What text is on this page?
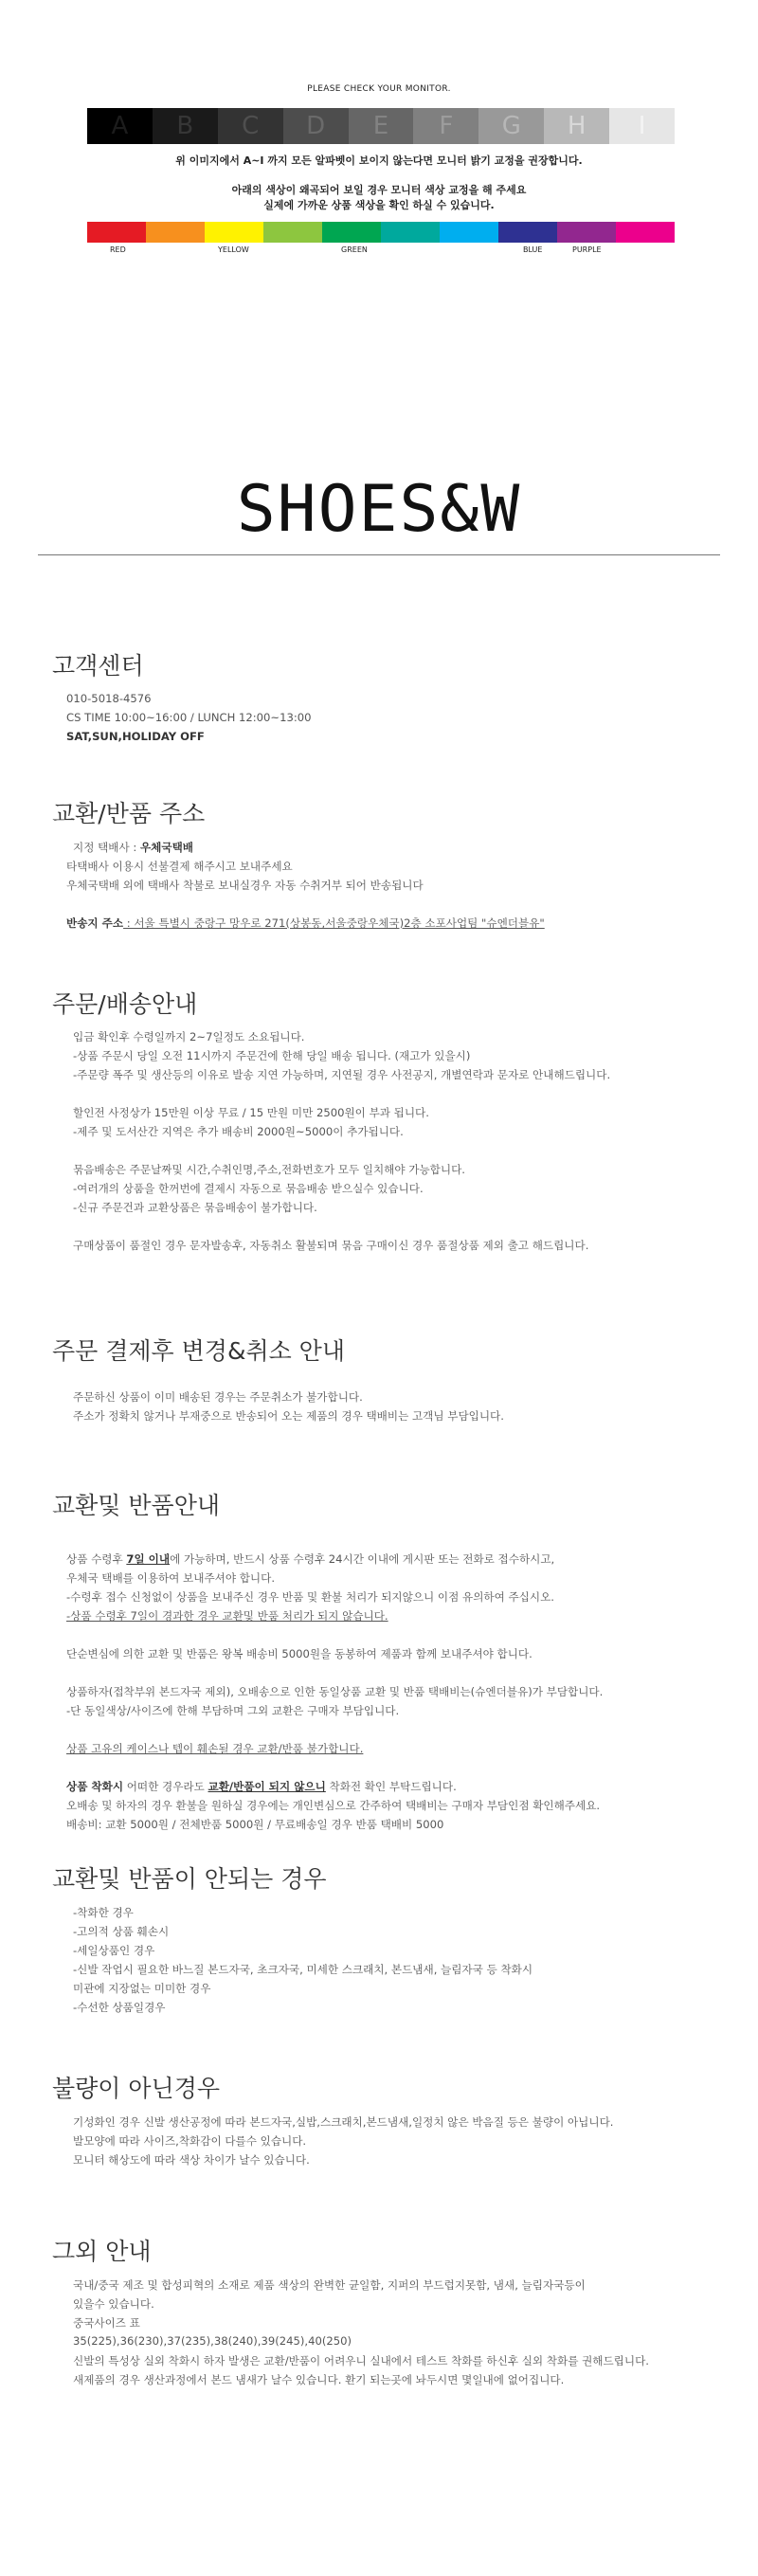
PLEASE CHECK YOUR MONITOR.
A	B	C	D	E	F	G	H	I
위 이미지에서 A~I 까지 모든 알파벳이 보이지 않는다면 모니터 밝기 교정을 권장합니다.
아래의 색상이 왜곡되어 보일 경우 모니터 색상 교정을 해 주세요
실제에 가까운 상품 색상을 확인 하실 수 있습니다.
RED	YELLOW	GREEN	BLUE	PURPLE
SHOES&W
고객센터
010-5018-4576
CS TIME 10:00~16:00 / LUNCH 12:00~13:00
SAT,SUN,HOLIDAY OFF
교환/반품 주소
지정 택배사 : 우체국택배
타택배사 이용시 선불결제 해주시고 보내주세요
우체국택배 외에 택배사 착불로 보내실경우 자동 수취거부 되어 반송됩니다
반송지 주소 : 서울 특별시 중랑구 망우로 271(상봉동,서울중랑우체국)2층 소포사업팀 "슈엔더블유"
주문/배송안내
입금 확인후 수령일까지 2~7일정도 소요됩니다.
-상품 주문시 당일 오전 11시까지 주문건에 한해 당일 배송 됩니다. (재고가 있을시)
-주문량 폭주 및 생산등의 이유로 발송 지연 가능하며, 지연될 경우 사전공지, 개별연락과 문자로 안내해드립니다.
할인전 사정상가 15만원 이상 무료 / 15 만원 미만 2500원이 부과 됩니다.
-제주 및 도서산간 지역은 추가 배송비 2000원~5000이 추가됩니다.
묶음배송은 주문날짜및 시간,수취인명,주소,전화번호가 모두 일치해야 가능합니다.
-여러개의 상품을 한꺼번에 결제시 자동으로 묶음배송 받으실수 있습니다.
-신규 주문건과 교환상품은 묶음배송이 불가합니다.
구매상품이 품절인 경우 문자발송후, 자동취소 활불되며 묶음 구매이신 경우 품절상품 제외 출고 해드립니다.
주문 결제후 변경&취소 안내
주문하신 상품이 이미 배송된 경우는 주문취소가 불가합니다.
주소가 정확치 않거나 부재중으로 반송되어 오는 제품의 경우 택배비는 고객님 부담입니다.
교환및 반품안내
상품 수령후 7일 이내에 가능하며, 반드시 상품 수령후 24시간 이내에 게시판 또는 전화로 접수하시고,
우체국 택배를 이용하여 보내주셔야 합니다.
-수령후 접수 신청없이 상품을 보내주신 경우 반품 및 환불 처리가 되지않으니 이점 유의하여 주십시오.
-상품 수령후 7일이 경과한 경우 교환및 반품 처리가 되지 않습니다.
단순변심에 의한 교환 및 반품은 왕복 배송비 5000원을 동봉하여 제품과 함께 보내주셔야 합니다.
상품하자(접착부위 본드자국 제외), 오배송으로 인한 동일상품 교환 및 반품 택배비는(슈엔더블유)가 부담합니다.
-단 동일색상/사이즈에 한해 부담하며 그외 교환은 구매자 부담입니다.
상품 고유의 케이스나 텝이 훼손될 경우 교환/반품 불가합니다.
상품 착화시 어떠한 경우라도 교환/반품이 되지 않으니 착화전 확인 부탁드립니다.
오배송 및 하자의 경우 환불을 원하실 경우에는 개인변심으로 간주하여 택배비는 구매자 부담인점 확인해주세요.
배송비: 교환 5000원 / 전체반품 5000원 / 무료배송일 경우 반품 택배비 5000
교환및 반품이 안되는 경우
-착화한 경우
-고의적 상품 훼손시
-세일상품인 경우
-신발 작업시 필요한 바느질 본드자국, 초크자국, 미세한 스크래치, 본드냄새, 늘림자국 등 착화시
미관에 지장없는 미미한 경우
-수선한 상품일경우
불량이 아닌경우
기성화인 경우 신발 생산공정에 따라 본드자국,실밥,스크래치,본드냄새,일정치 않은 박음질 등은 불량이 아닙니다.
발모양에 따라 사이즈,착화감이 다를수 있습니다.
모니터 해상도에 따라 색상 차이가 날수 있습니다.
그외 안내
국내/중국 제조 및 합성피혁의 소재로 제품 색상의 완벽한 균일함, 지퍼의 부드럽지못함, 냄새, 늘림자국등이
있을수 있습니다.
중국사이즈 표
35(225),36(230),37(235),38(240),39(245),40(250)
신발의 특성상 실외 착화시 하자 발생은 교환/반품이 어려우니 실내에서 테스트 착화를 하신후 실외 착화를 권해드립니다.
새제품의 경우 생산과정에서 본드 냄새가 날수 있습니다. 환기 되는곳에 놔두시면 몇일내에 없어집니다.
